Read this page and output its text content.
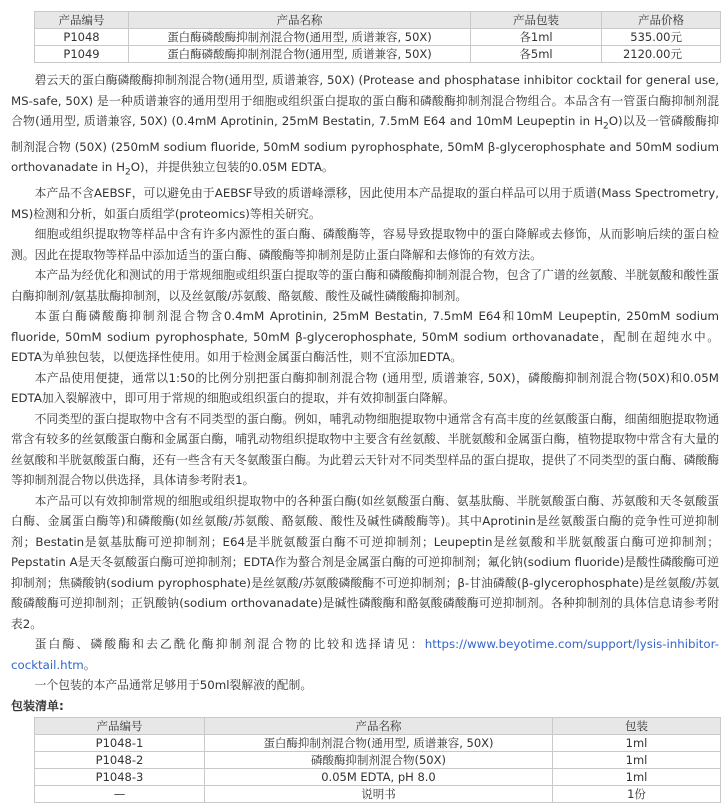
产品编号	产品名称	产品包装	产品价格
P1048	蛋白酶磷酸酶抑制剂混合物(通用型, 质谱兼容, 50X)	各1ml	535.00元
P1049	蛋白酶磷酸酶抑制剂混合物(通用型, 质谱兼容, 50X)	各5ml	2120.00元

碧云天的蛋白酶磷酸酶抑制剂混合物(通用型, 质谱兼容, 50X) (Protease and phosphatase inhibitor cocktail for general use, MS-safe, 50X) 是一种质谱兼容的通用型用于细胞或组织蛋白提取的蛋白酶和磷酸酶抑制剂混合物组合。本品含有一管蛋白酶抑制剂混合物(通用型, 质谱兼容, 50X) (0.4mM Aprotinin, 25mM Bestatin, 7.5mM E64 and 10mM Leupeptin in $H_2O$)以及一管磷酸酶抑制剂混合物 (50X) (250mM sodium fluoride, 50mM sodium pyrophosphate, 50mM β-glycerophosphate and 50mM sodium orthovanadate in $H_2O$)，并提供独立包装的0.05M EDTA。

本产品不含AEBSF，可以避免由于AEBSF导致的质谱峰漂移，因此使用本产品提取的蛋白样品可以用于质谱(Mass Spectrometry, MS)检测和分析，如蛋白质组学(proteomics)等相关研究。

细胞或组织提取物等样品中含有许多内源性的蛋白酶、磷酸酶等，容易导致提取物中的蛋白降解或去修饰，从而影响后续的蛋白检测。因此在提取物等样品中添加适当的蛋白酶、磷酸酶等抑制剂是防止蛋白降解和去修饰的有效方法。

本产品为经优化和测试的用于常规细胞或组织蛋白提取等的蛋白酶和磷酸酶抑制剂混合物，包含了广谱的丝氨酸、半胱氨酸和酸性蛋白酶抑制剂/氨基肽酶抑制剂，以及丝氨酸/苏氨酸、酪氨酸、酸性及碱性磷酸酶抑制剂。

本蛋白酶磷酸酶抑制剂混合物含0.4mM Aprotinin, 25mM Bestatin, 7.5mM E64和10mM Leupeptin, 250mM sodium fluoride, 50mM sodium pyrophosphate, 50mM β-glycerophosphate, 50mM sodium orthovanadate，配制在超纯水中。EDTA为单独包装，以便选择性使用。如用于检测金属蛋白酶活性，则不宜添加EDTA。

本产品使用便捷，通常以1:50的比例分别把蛋白酶抑制剂混合物 (通用型, 质谱兼容, 50X)，磷酸酶抑制剂混合物(50X)和0.05M EDTA加入裂解液中，即可用于常规的细胞或组织蛋白的提取，并有效抑制蛋白降解。

不同类型的蛋白提取物中含有不同类型的蛋白酶。例如，哺乳动物细胞提取物中通常含有高丰度的丝氨酸蛋白酶，细菌细胞提取物通常含有较多的丝氨酸蛋白酶和金属蛋白酶，哺乳动物组织提取物中主要含有丝氨酸、半胱氨酸和金属蛋白酶，植物提取物中常含有大量的丝氨酸和半胱氨酸蛋白酶，还有一些含有天冬氨酸蛋白酶。为此碧云天针对不同类型样品的蛋白提取，提供了不同类型的蛋白酶、磷酸酶等抑制剂混合物以供选择，具体请参考附表1。

本产品可以有效抑制常规的细胞或组织提取物中的各种蛋白酶(如丝氨酸蛋白酶、氨基肽酶、半胱氨酸蛋白酶、苏氨酸和天冬氨酸蛋白酶、金属蛋白酶等)和磷酸酶(如丝氨酸/苏氨酸、酪氨酸、酸性及碱性磷酸酶等)。其中Aprotinin是丝氨酸蛋白酶的竞争性可逆抑制剂；Bestatin是氨基肽酶可逆抑制剂；E64是半胱氨酸蛋白酶不可逆抑制剂；Leupeptin是丝氨酸和半胱氨酸蛋白酶可逆抑制剂；Pepstatin A是天冬氨酸蛋白酶可逆抑制剂；EDTA作为螯合剂是金属蛋白酶的可逆抑制剂；氟化钠(sodium fluoride)是酸性磷酸酶可逆抑制剂；焦磷酸钠(sodium pyrophosphate)是丝氨酸/苏氨酸磷酸酶不可逆抑制剂；β-甘油磷酸(β-glycerophosphate)是丝氨酸/苏氨酸磷酸酶可逆抑制剂；正钒酸钠(sodium orthovanadate)是碱性磷酸酶和酪氨酸磷酸酶可逆抑制剂。各种抑制剂的具体信息请参考附表2。

蛋白酶、磷酸酶和去乙酰化酶抑制剂混合物的比较和选择请见：https://www.beyotime.com/support/lysis-inhibitor-cocktail.htm。

一个包装的本产品通常足够用于50ml裂解液的配制。

包装清单:

产品编号	产品名称	包装
P1048-1	蛋白酶抑制剂混合物(通用型, 质谱兼容, 50X)	1ml
P1048-2	磷酸酶抑制剂混合物(50X)	1ml
P1048-3	0.05M EDTA, pH 8.0	1ml
—	说明书	1份
